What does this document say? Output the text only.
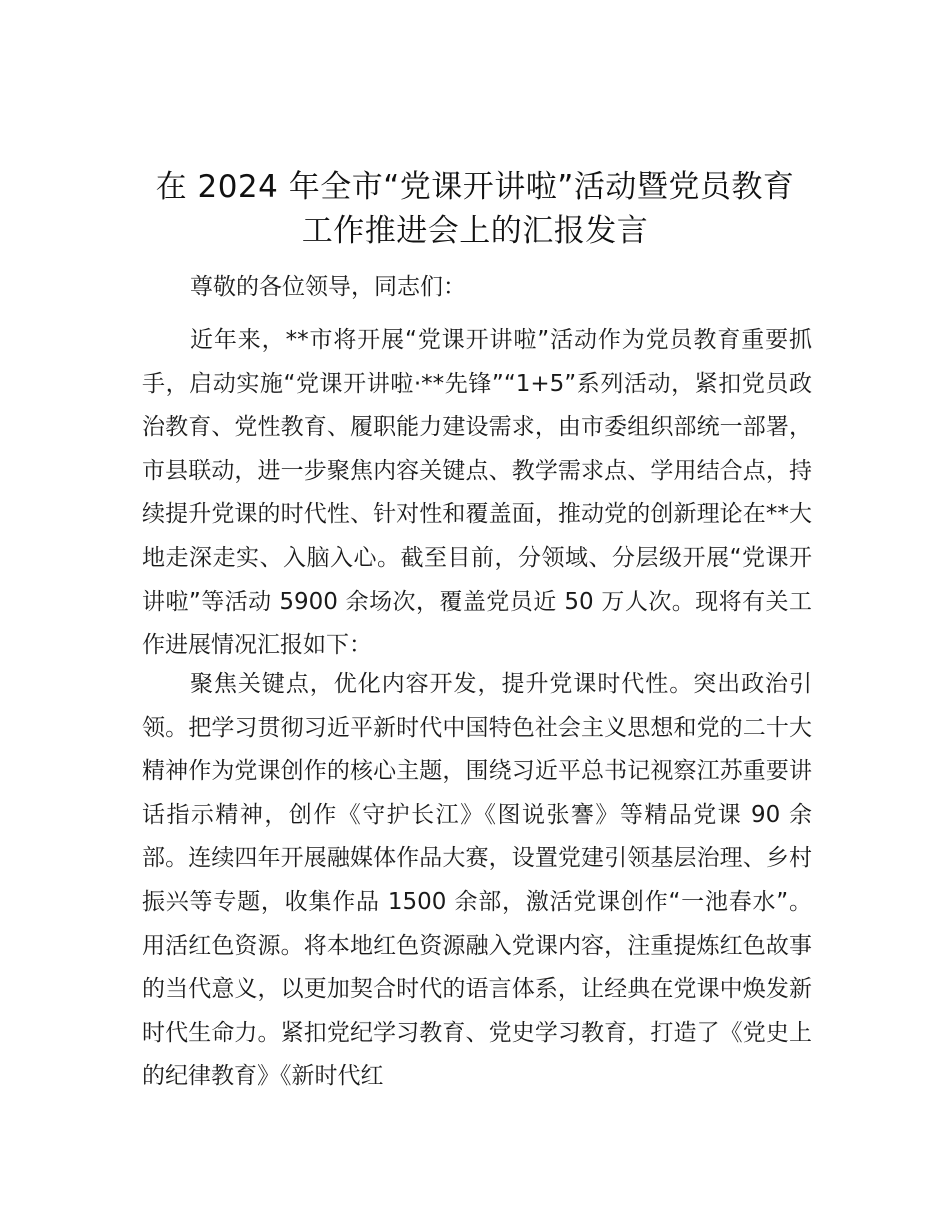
在 2024 年全市“党课开讲啦”活动暨党员教育
工作推进会上的汇报发言

尊敬的各位领导，同志们：

近年来，**市将开展“党课开讲啦”活动作为党员教育重要抓手，启动实施“党课开讲啦·**先锋”“1+5”系列活动，紧扣党员政治教育、党性教育、履职能力建设需求，由市委组织部统一部署，市县联动，进一步聚焦内容关键点、教学需求点、学用结合点，持续提升党课的时代性、针对性和覆盖面，推动党的创新理论在**大地走深走实、入脑入心。截至目前，分领域、分层级开展“党课开讲啦”等活动 5900 余场次，覆盖党员近 50 万人次。现将有关工作进展情况汇报如下：

聚焦关键点，优化内容开发，提升党课时代性。突出政治引领。把学习贯彻习近平新时代中国特色社会主义思想和党的二十大精神作为党课创作的核心主题，围绕习近平总书记视察江苏重要讲话指示精神，创作《守护长江》《图说张謇》等精品党课 90 余部。连续四年开展融媒体作品大赛，设置党建引领基层治理、乡村振兴等专题，收集作品 1500 余部，激活党课创作“一池春水”。用活红色资源。将本地红色资源融入党课内容，注重提炼红色故事的当代意义，以更加契合时代的语言体系，让经典在党课中焕发新时代生命力。紧扣党纪学习教育、党史学习教育，打造了《党史上的纪律教育》《新时代红
